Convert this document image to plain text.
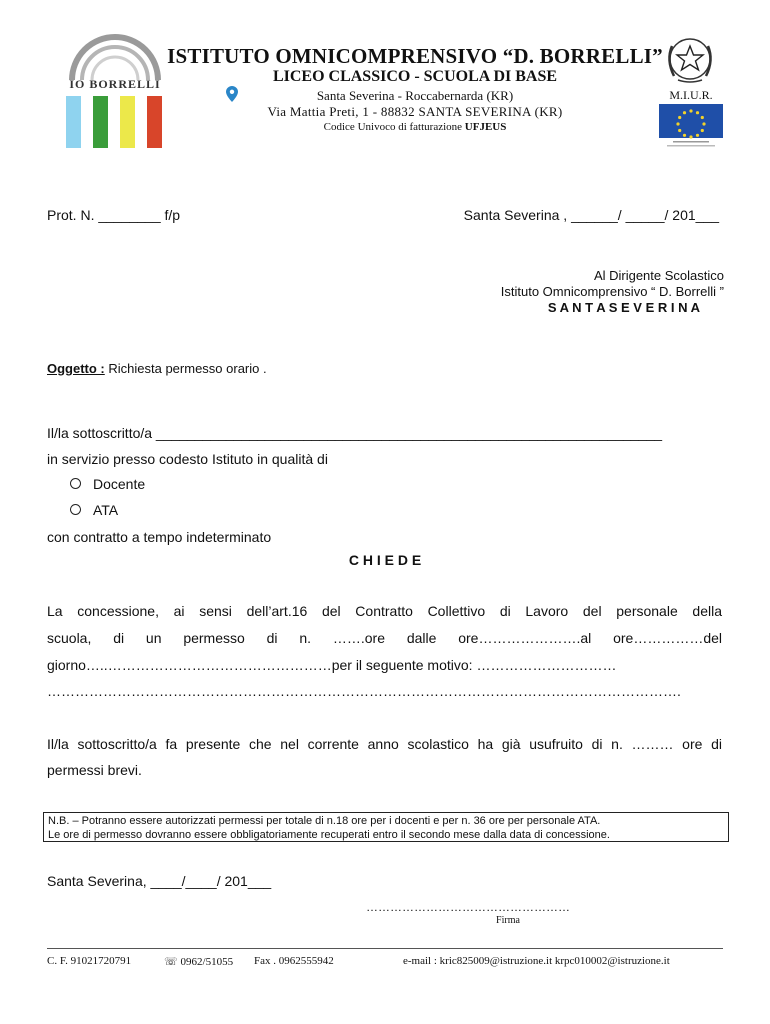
IO BORRELLI
ISTITUTO OMNICOMPRENSIVO “D. BORRELLI”
LICEO CLASSICO - SCUOLA DI BASE
Santa Severina - Roccabernarda (KR)
Via Mattia Preti, 1 - 88832 SANTA SEVERINA (KR)
Codice Univoco di fatturazione UFJEUS
M.I.U.R.
Prot. N. ________ f/p	Santa Severina , ______/ _____/ 201___
Al Dirigente Scolastico
Istituto Omnicomprensivo “ D. Borrelli ”
S A N T A S E V E R I N A
Oggetto : Richiesta permesso orario .
Il/la sottoscritto/a _________________________________________________________________
in servizio presso codesto Istituto in qualità di
Docente
ATA
con contratto a tempo indeterminato
C H I E D E
La concessione, ai sensi dell’art.16 del Contratto Collettivo di Lavoro del personale della
scuola, di un permesso di n. …….ore dalle ore………………….al ore……………del
giorno…..…………………………………………per il seguente motivo: …………………………
……………………………………………………………………………………………………………………….
Il/la sottoscritto/a fa presente che nel corrente anno scolastico ha già usufruito di n. ……… ore di
permessi brevi.
N.B. – Potranno essere autorizzati permessi per totale di n.18 ore per i docenti e per n. 36 ore per personale ATA.
Le ore di permesso dovranno essere obbligatoriamente recuperati entro il secondo mese dalla data di concessione.
Santa Severina, ____/____/ 201___
……………………………………………
Firma
C. F. 91021720791	☏ 0962/51055 Fax . 0962555942	e-mail : kric825009@istruzione.it krpc010002@istruzione.it
